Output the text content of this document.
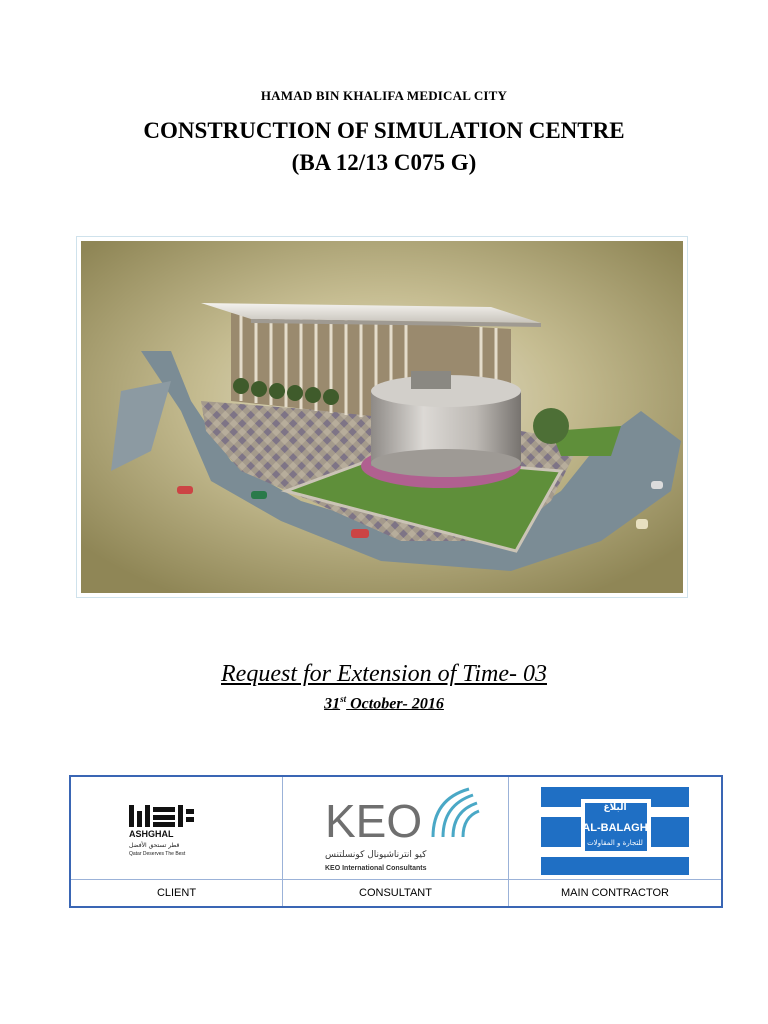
HAMAD BIN KHALIFA MEDICAL CITY
CONSTRUCTION OF SIMULATION CENTRE
(BA 12/13 C075 G)
Request for Extension of Time- 03
31st October- 2016
ASHGHAL
قطر تستحق الأفضل
Qatar Deserves The Best
KEO
كيو انترناشيونال كونسلتنس
KEO International Consultants
البلاغ
AL-BALAGH
للتجارة و المقاولات
CLIENT	CONSULTANT	MAIN CONTRACTOR
